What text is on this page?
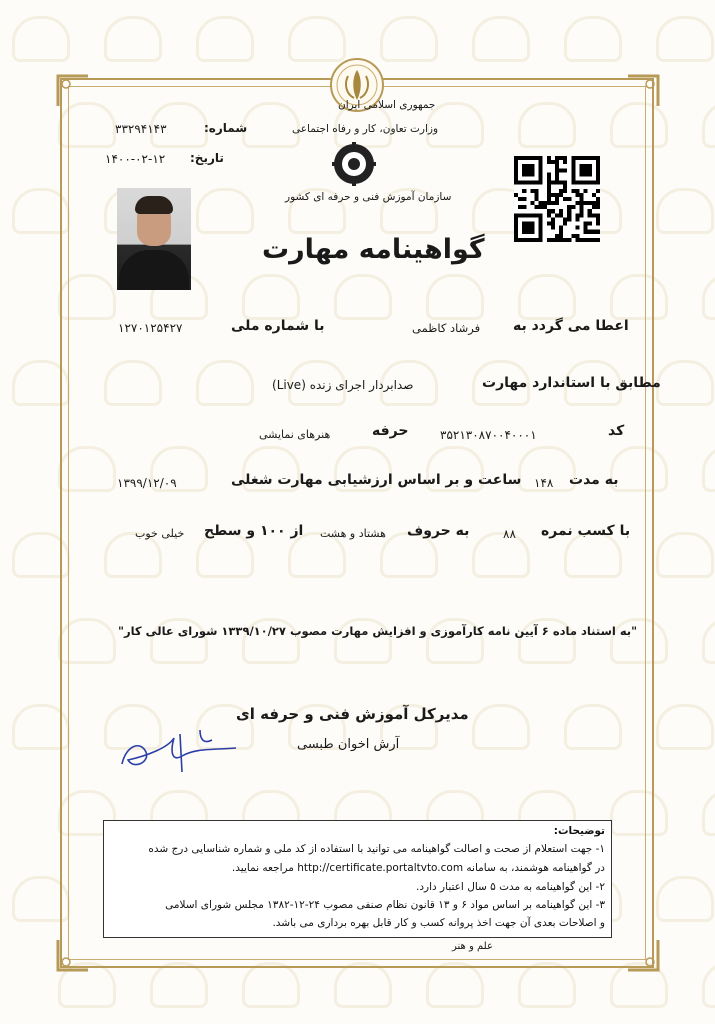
جمهوری اسلامی ایران
وزارت تعاون، کار و رفاه اجتماعی
سازمان آموزش فنی و حرفه ای کشور
شماره:
۳۳۲۹۴۱۴۳
تاریخ:
۱۴۰۰-۰۲-۱۲
گواهینامه مهارت
اعطا می گردد به
فرشاد کاظمی
با شماره ملی
۱۲۷۰۱۲۵۴۲۷
مطابق با استاندارد مهارت
صدابردار اجرای زنده (Live)
کد
۳۵۲۱۳۰۸۷۰۰۴۰۰۰۱
حرفه
هنرهای نمایشی
به مدت
۱۴۸
ساعت و بر اساس ارزشیابی مهارت شغلی
۱۳۹۹/۱۲/۰۹
با کسب نمره
۸۸
به حروف
هشتاد و هشت
از ۱۰۰ و سطح
خیلی خوب
"به استناد ماده ۶ آیین نامه کارآموزی و افزایش مهارت مصوب ۱۳۳۹/۱۰/۲۷ شورای عالی کار"
مدیرکل آموزش فنی و حرفه ای
آرش اخوان طبسی
توضیحات:
۱- جهت استعلام از صحت و اصالت گواهینامه می توانید با استفاده از کد ملی و شماره شناسایی درج شده
در گواهینامه هوشمند، به سامانه http://certificate.portaltvto.com مراجعه نمایید.
۲- این گواهینامه به مدت ۵ سال اعتبار دارد.
۳- این گواهینامه بر اساس مواد ۶ و ۱۳ قانون نظام صنفی مصوب ۲۴-۱۲-۱۳۸۲ مجلس شورای اسلامی
و اصلاحات بعدی آن جهت اخذ پروانه کسب و کار قابل بهره برداری می باشد.
علم و هنر
